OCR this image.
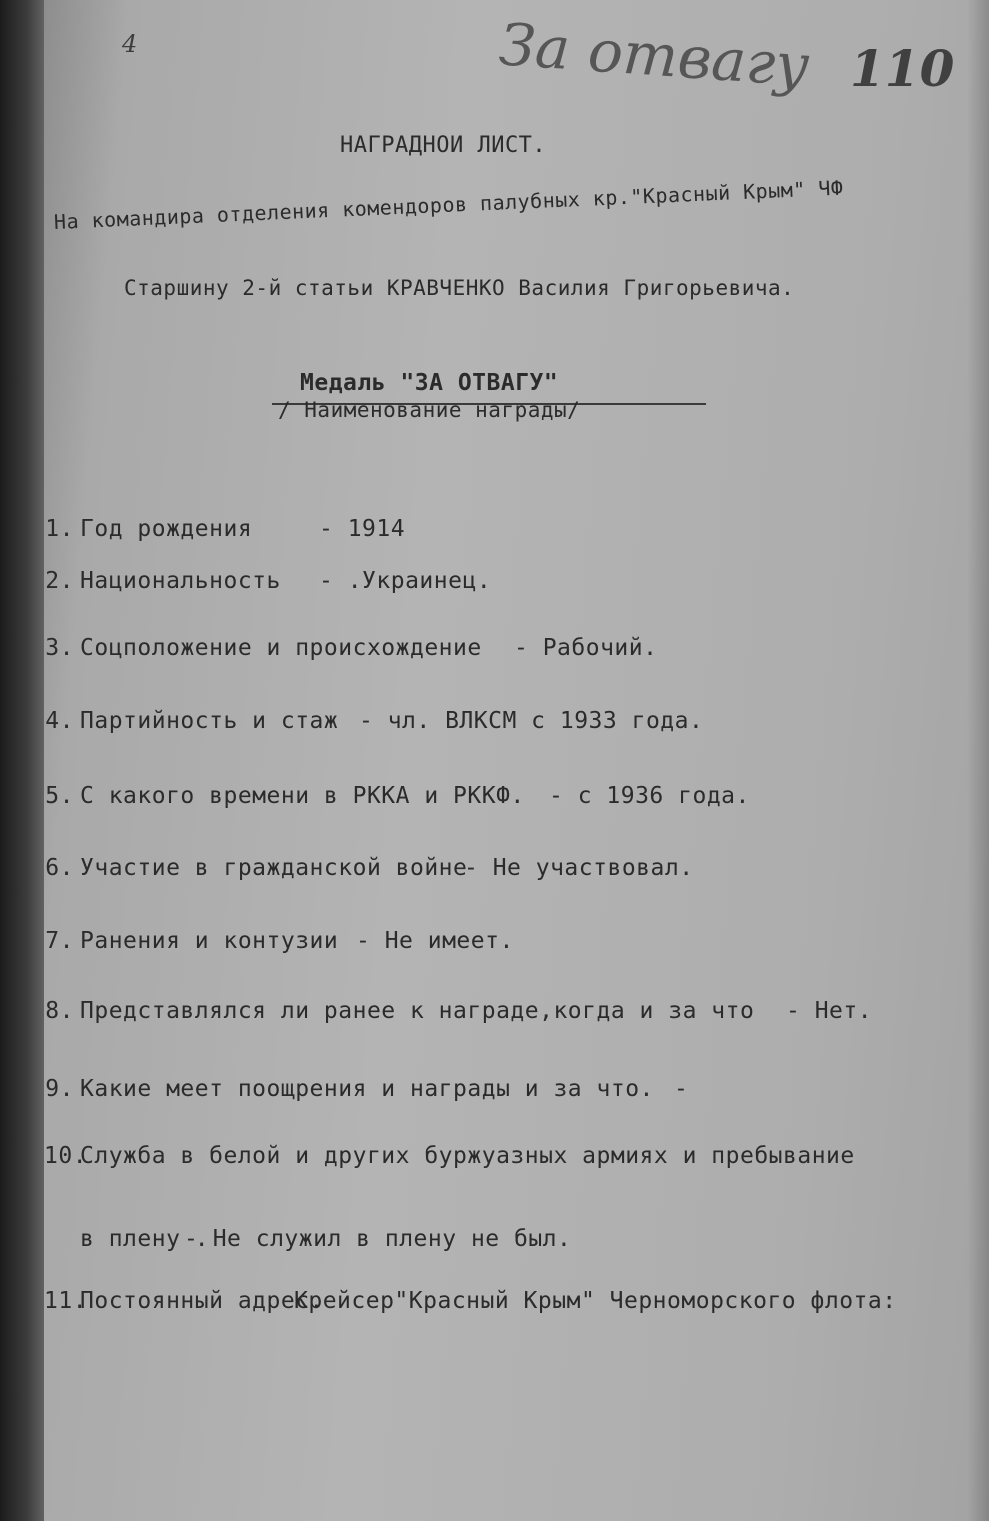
4	За отвагу 110
НАГРАДНОИ ЛИСТ.
На командира отделения комендоров палубных кр."Красный Крым" ЧФ
Старшину 2-й статьи КРАВЧЕНКО Василия Григорьевича.
Медаль "ЗА ОТВАГУ"
/ Наименование награды/
1. Год рождения	- 1914
2. Национальность - .Украинец.
3. Соцположение и происхождение - Рабочий.
4. Партийность и стаж - чл. ВЛКСМ с 1933 года.
5. С какого времени в РККА и РККФ. - с 1936 года.
6. Участие в гражданской войне
- Не участвовал.
7. Ранения и контузии - Не имеет.
8. Представлялся ли ранее к награде,когда и за что - Нет.
9. Какие меет поощрения и награды и за что. -
10.Служба в белой и других буржуазных армиях и пребывание
в плену .
- Не служил в плену не был.
11.Постоянный адрес.
Крейсер"Красный Крым" Черноморского флота:
